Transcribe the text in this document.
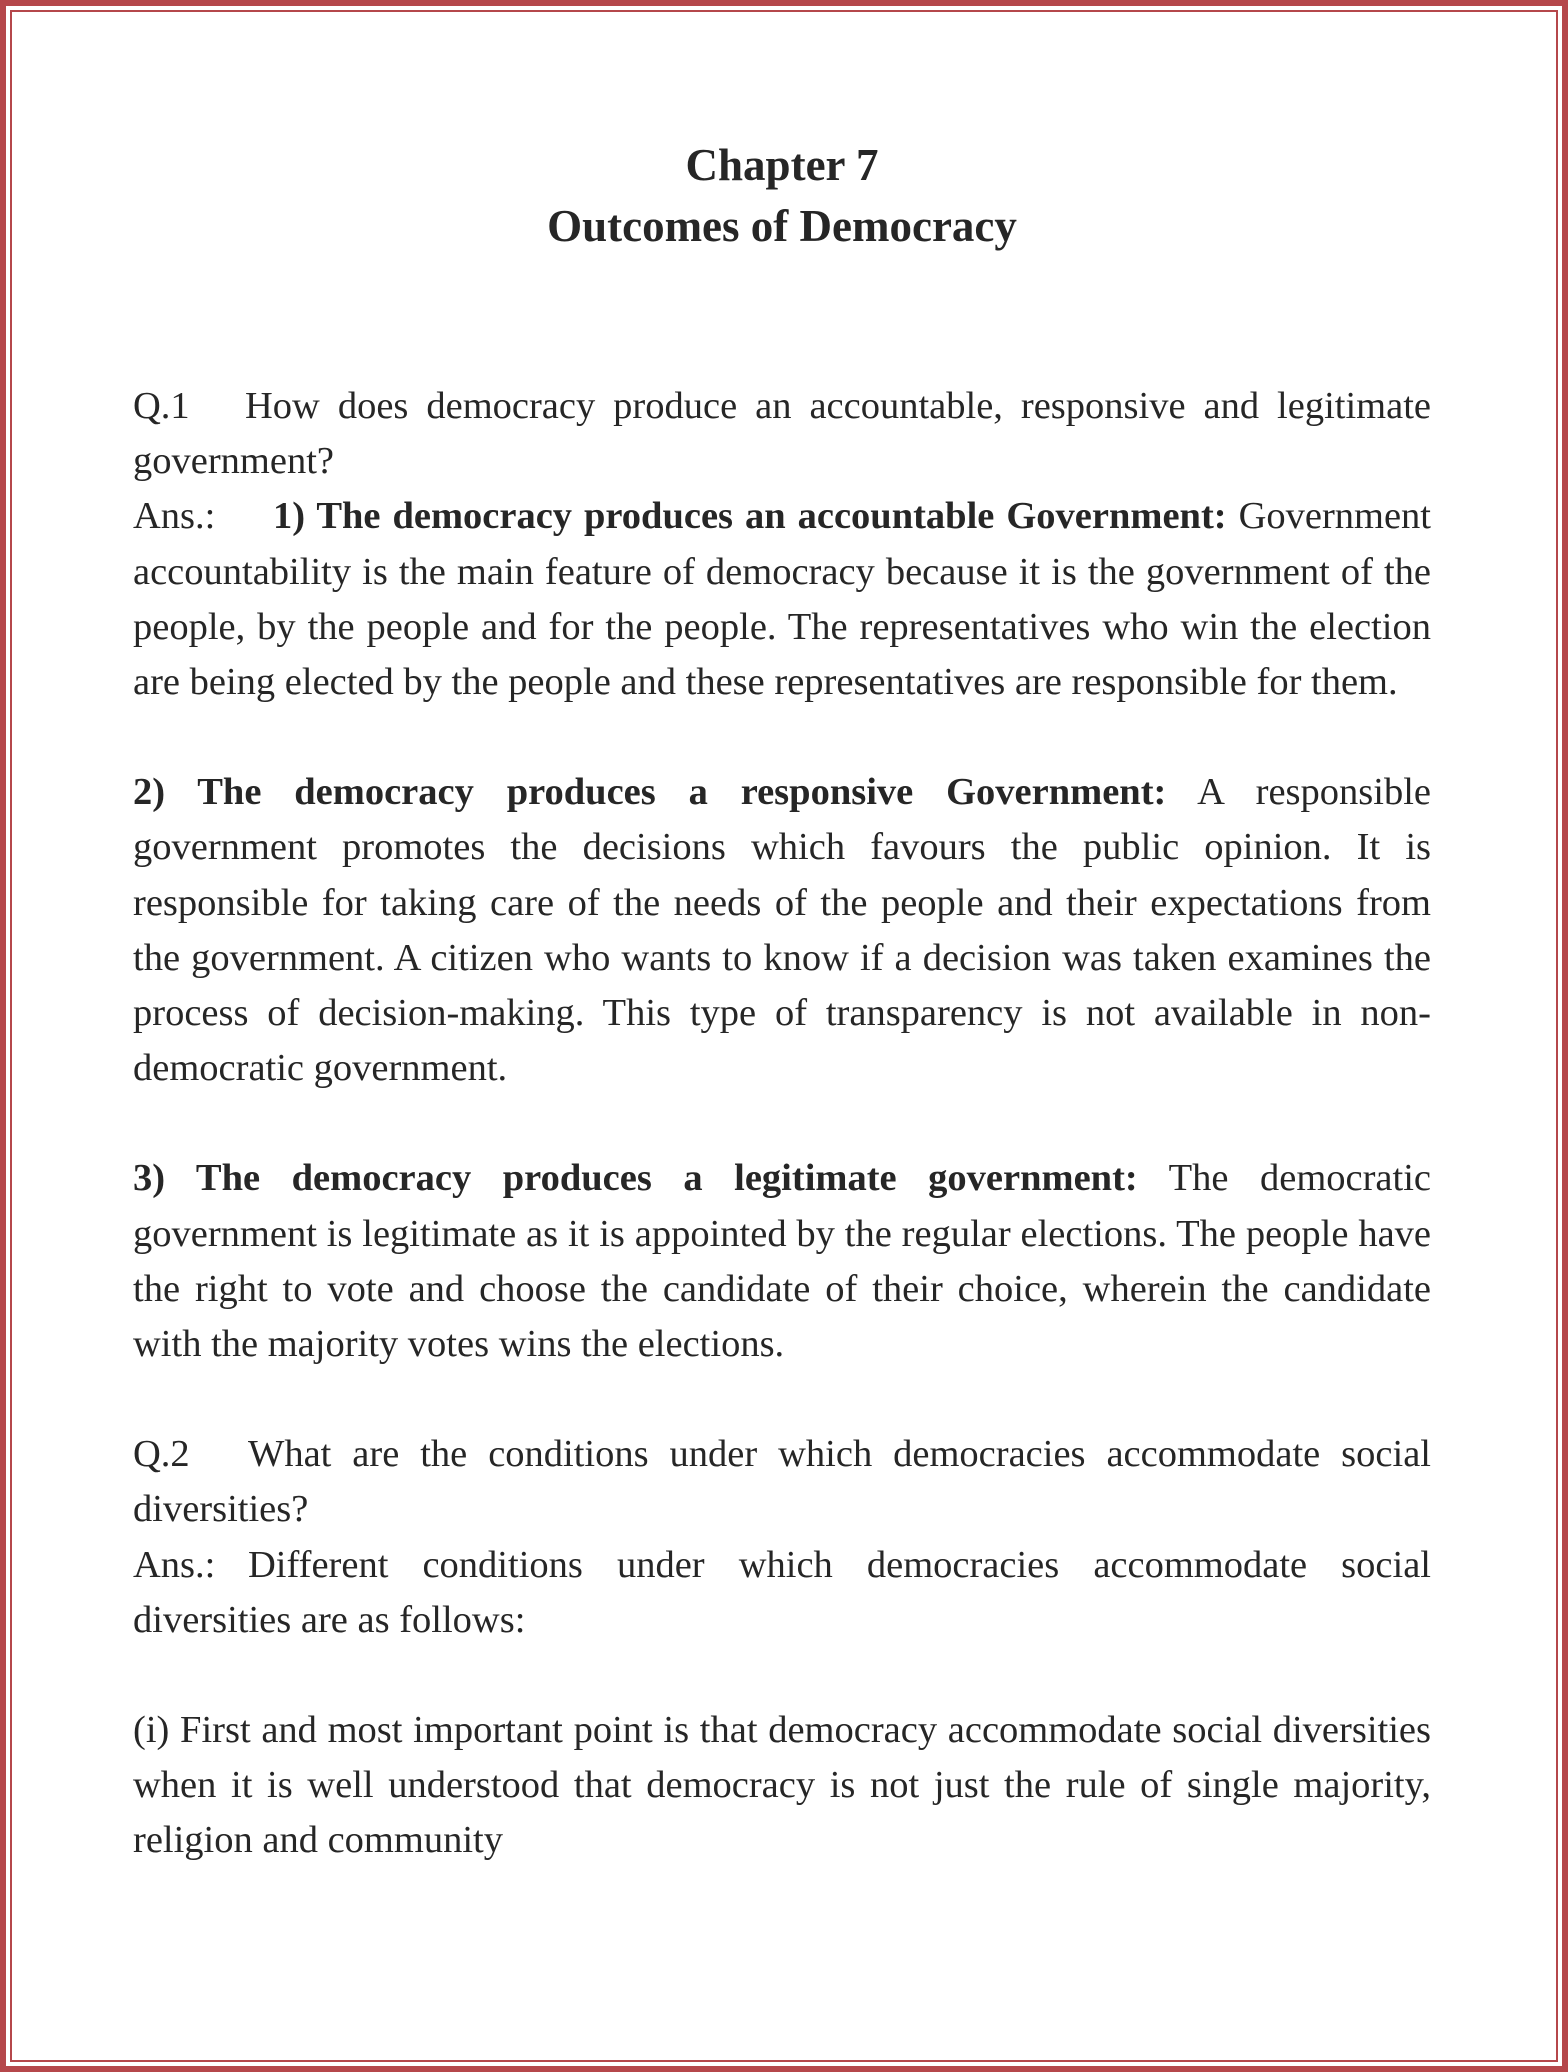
Chapter 7
Outcomes of Democracy

Q.1 How does democracy produce an accountable, responsive and legitimate government?

Ans.: 1) The democracy produces an accountable Government: Government accountability is the main feature of democracy because it is the government of the people, by the people and for the people. The representatives who win the election are being elected by the people and these representatives are responsible for them.

2) The democracy produces a responsive Government: A responsible government promotes the decisions which favours the public opinion. It is responsible for taking care of the needs of the people and their expectations from the government. A citizen who wants to know if a decision was taken examines the process of decision-making. This type of transparency is not available in non-democratic government.

3) The democracy produces a legitimate government: The democratic government is legitimate as it is appointed by the regular elections. The people have the right to vote and choose the candidate of their choice, wherein the candidate with the majority votes wins the elections.

Q.2 What are the conditions under which democracies accommodate social diversities?

Ans.: Different conditions under which democracies accommodate social diversities are as follows:

(i) First and most important point is that democracy accommodate social diversities when it is well understood that democracy is not just the rule of single majority, religion and community
